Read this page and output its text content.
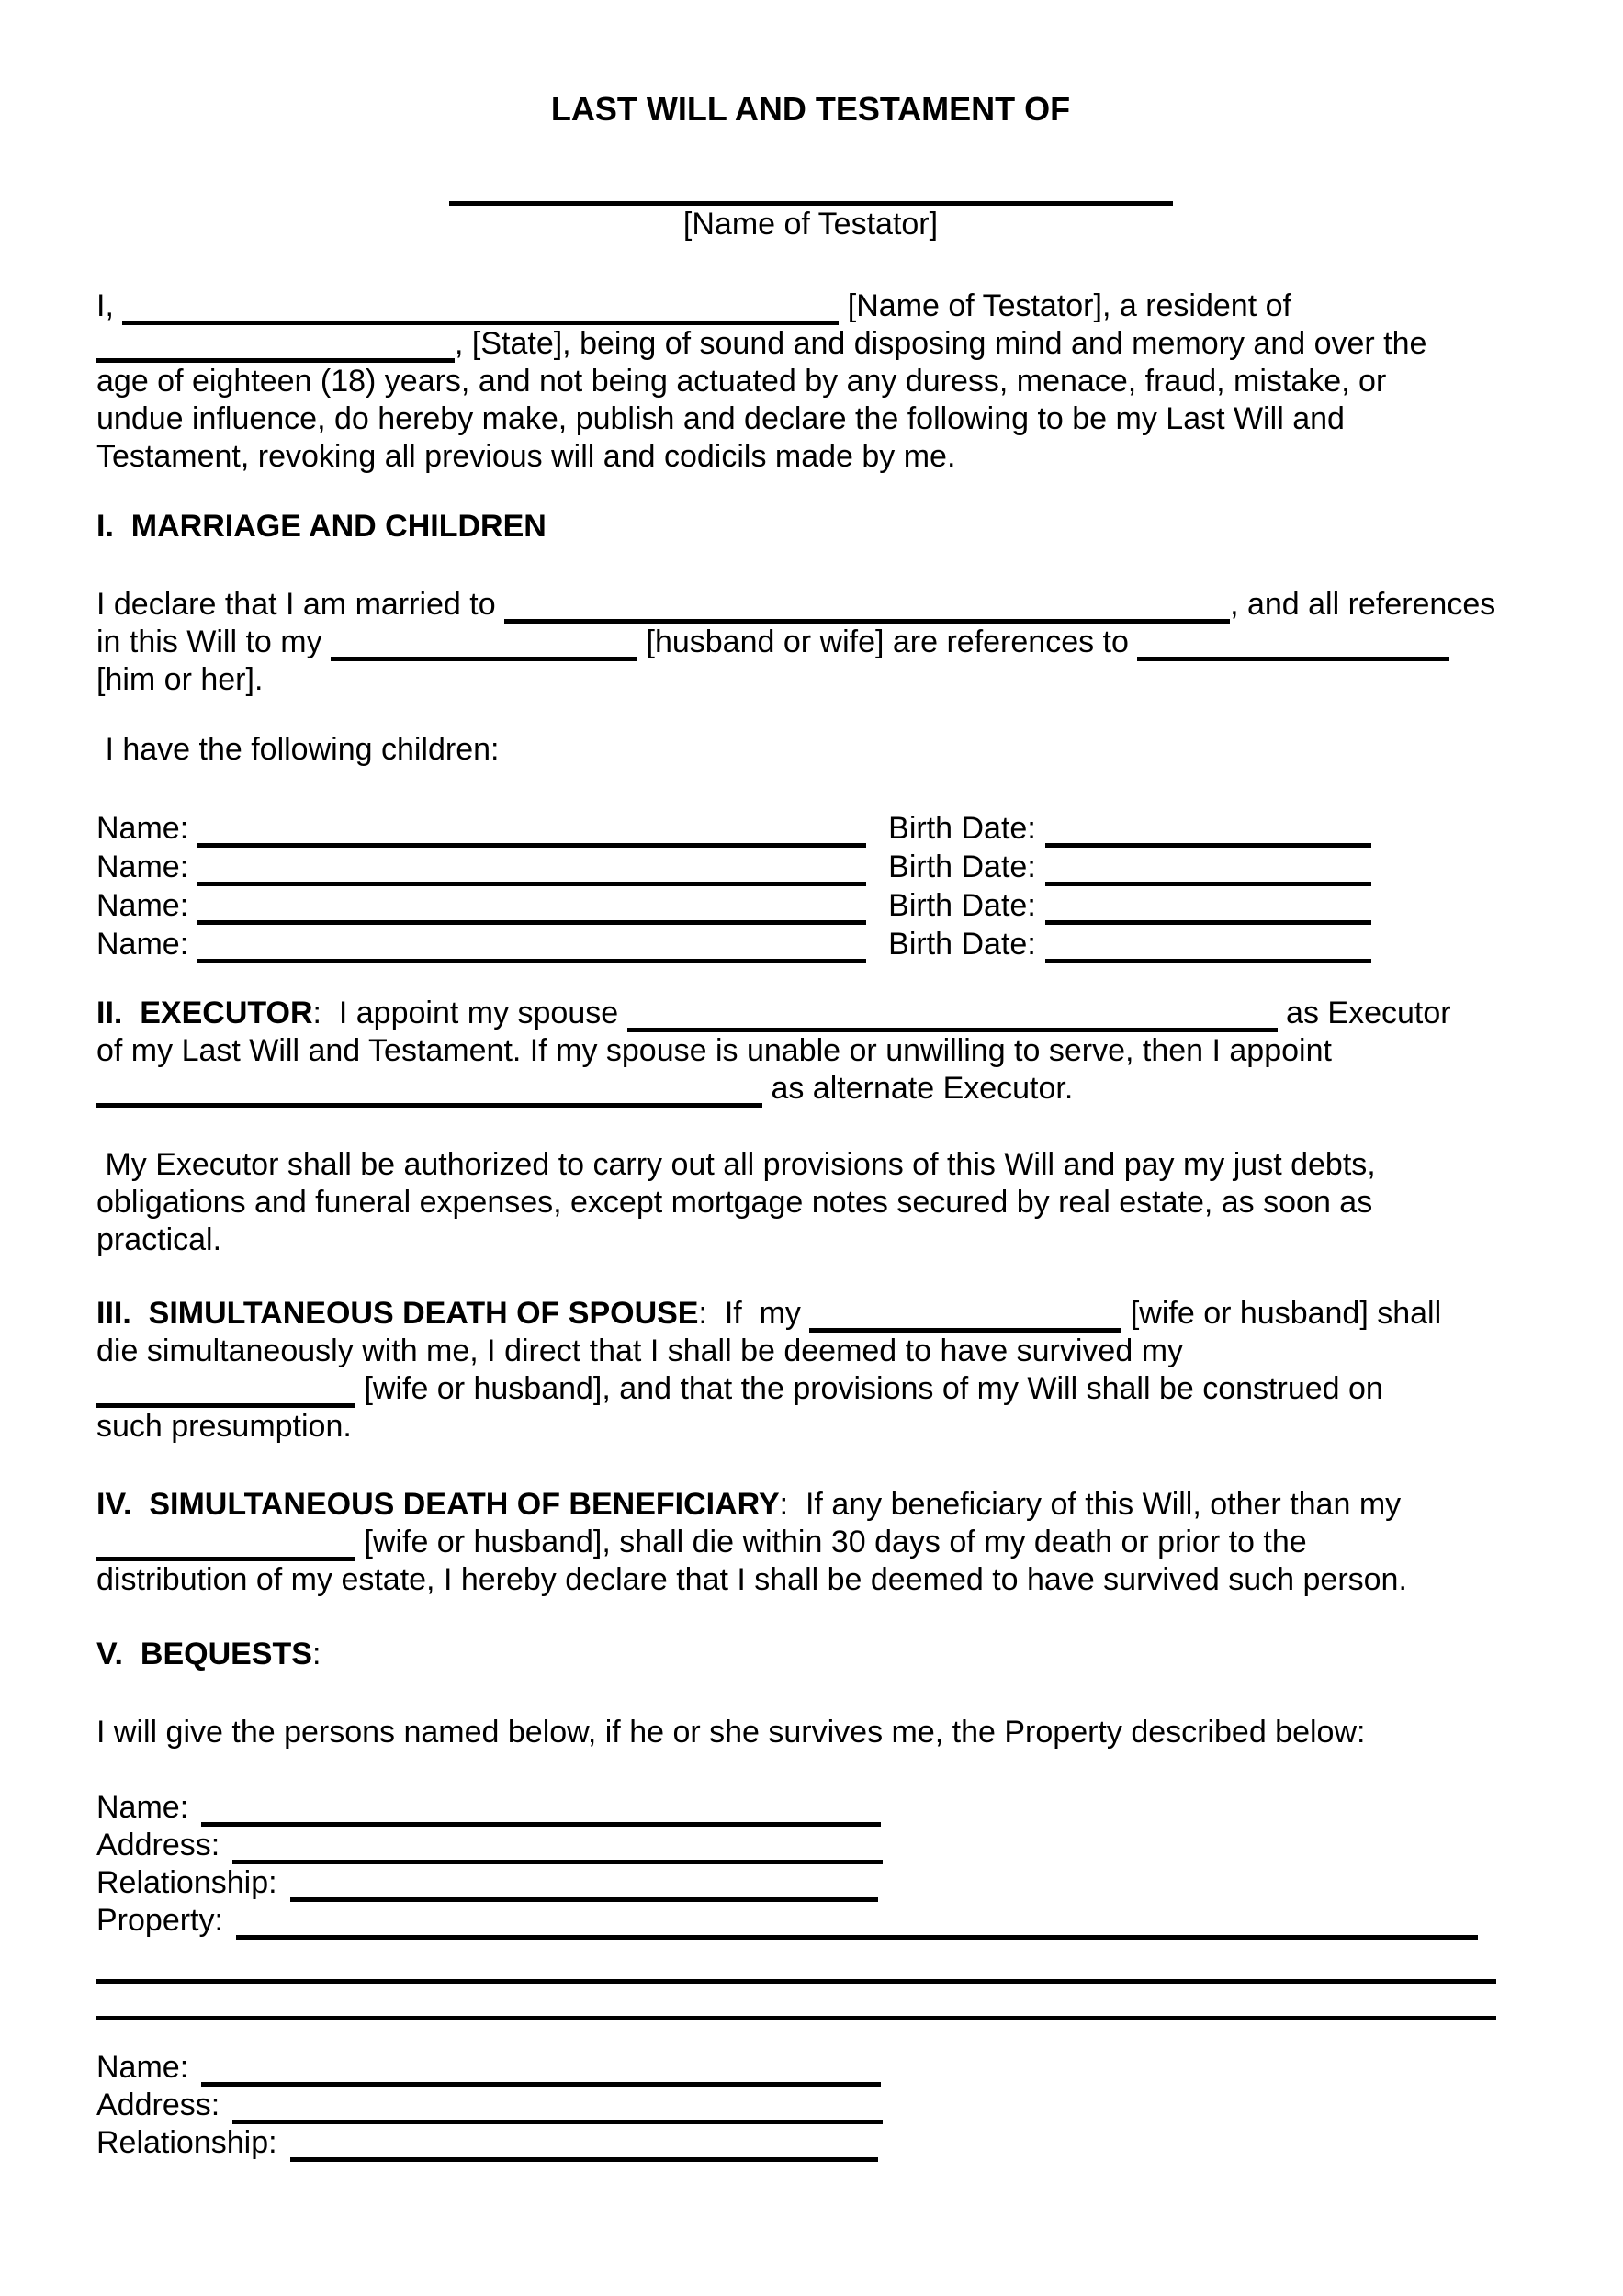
LAST WILL AND TESTAMENT OF
[Name of Testator]
I,	[Name of Testator], a resident of
, [State], being of sound and disposing mind and memory and over the
age of eighteen (18) years, and not being actuated by any duress, menace, fraud, mistake, or
undue influence, do hereby make, publish and declare the following to be my Last Will and
Testament, revoking all previous will and codicils made by me.
I.  MARRIAGE AND CHILDREN
I declare that I am married to	, and all references
in this Will to my	[husband or wife] are references to
[him or her].
I have the following children:
Name:	Birth Date:
Name:	Birth Date:
Name:	Birth Date:
Name:	Birth Date:
II.  EXECUTOR:  I appoint my spouse	as Executor
of my Last Will and Testament. If my spouse is unable or unwilling to serve, then I appoint
as alternate Executor.
My Executor shall be authorized to carry out all provisions of this Will and pay my just debts,
obligations and funeral expenses, except mortgage notes secured by real estate, as soon as
practical.
III.  SIMULTANEOUS DEATH OF SPOUSE:  If  my	[wife or husband] shall
die simultaneously with me, I direct that I shall be deemed to have survived my
[wife or husband], and that the provisions of my Will shall be construed on
such presumption.
IV.  SIMULTANEOUS DEATH OF BENEFICIARY:  If any beneficiary of this Will, other than my
[wife or husband], shall die within 30 days of my death or prior to the
distribution of my estate, I hereby declare that I shall be deemed to have survived such person.
V.  BEQUESTS:
I will give the persons named below, if he or she survives me, the Property described below:
Name:
Address:
Relationship:
Property:
Name:
Address:
Relationship:
